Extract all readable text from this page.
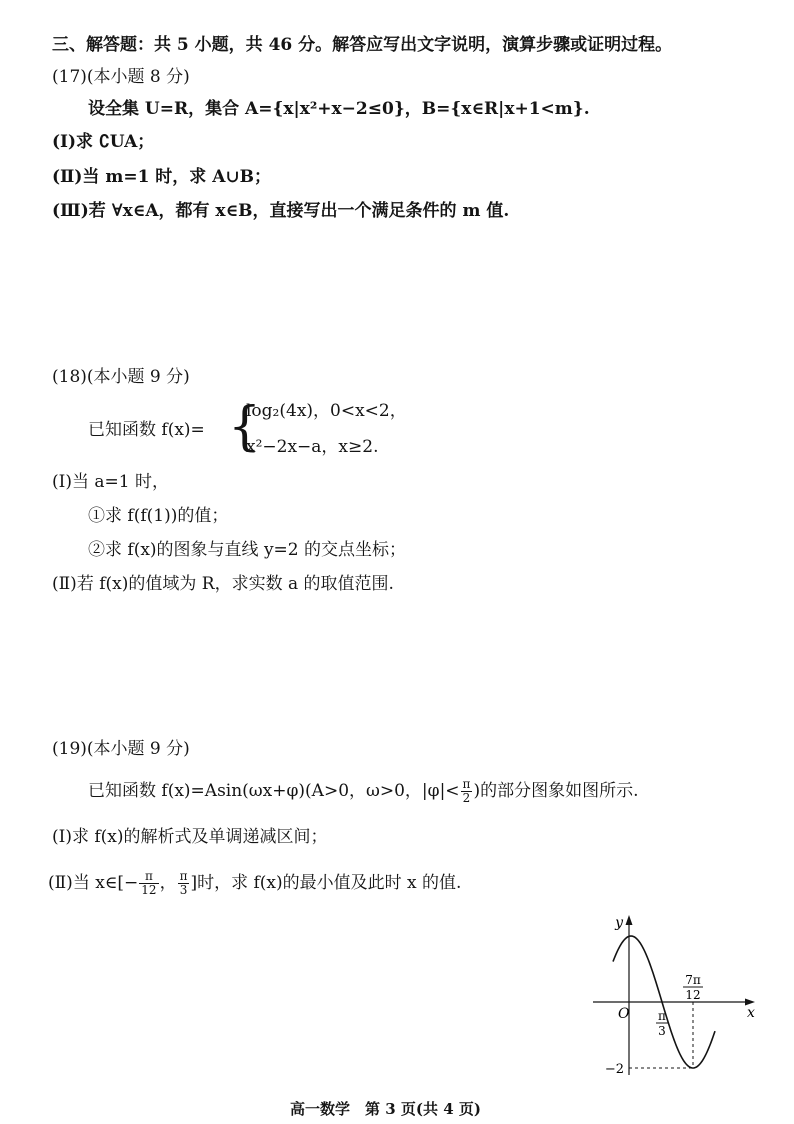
三、解答题：共 5 小题，共 46 分。解答应写出文字说明，演算步骤或证明过程。
(17)(本小题 8 分)
设全集 U=R，集合 A={x|x²+x−2≤0}，B={x∈R|x+1<m}.
(Ⅰ)求 ∁UA；
(Ⅱ)当 m=1 时，求 A∪B；
(Ⅲ)若 ∀x∈A，都有 x∈B，直接写出一个满足条件的 m 值.
(18)(本小题 9 分)
已知函数 f(x)= {
log₂(4x)，0<x<2，
x²−2x−a，x≥2.
(Ⅰ)当 a=1 时，
①求 f(f(1))的值；
②求 f(x)的图象与直线 y=2 的交点坐标；
(Ⅱ)若 f(x)的值域为 R，求实数 a 的取值范围.
(19)(本小题 9 分)
已知函数 f(x)=Asin(ωx+φ)(A>0，ω>0，$|\varphi|< \frac{\pi}{2}$ )的部分图象如图所示.
(Ⅰ)求 f(x)的解析式及单调递减区间；
(Ⅱ)当 x∈[− $\frac{\pi}{12}$ ， $\frac{\pi}{3}$ ]时，求 f(x)的最小值及此时 x 的值.
y
x
O
−2
π
3
7π
12
高一数学　第 3 页(共 4 页)
